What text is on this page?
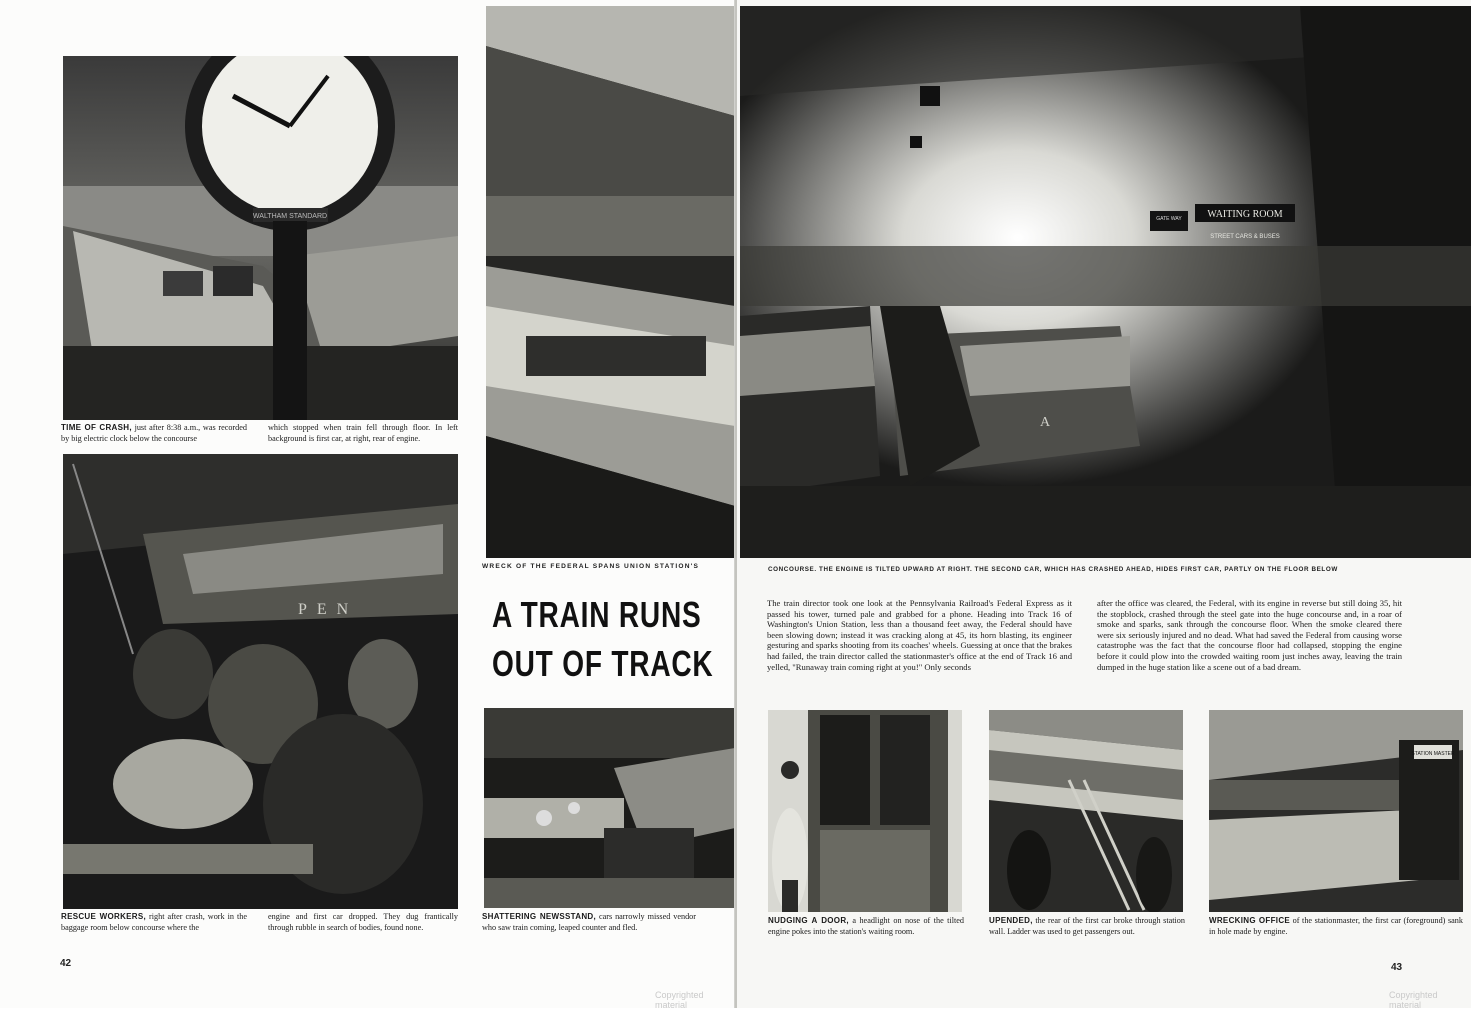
WALTHAM STANDARD
TIME OF CRASH, just after 8:38 a.m., was recorded by big electric clock below the concourse
which stopped when train fell through floor. In left background is first car, at right, rear of engine.
PEN
RESCUE WORKERS, right after crash, work in the baggage room below concourse where the
engine and first car dropped. They dug frantically through rubble in search of bodies, found none.
WRECK OF THE FEDERAL SPANS UNION STATION'S
A TRAIN RUNS
OUT OF TRACK
SHATTERING NEWSSTAND, cars narrowly missed vendor who saw train coming, leaped counter and fled.
42
Copyrighted material
WAITING ROOM
STREET CARS & BUSES
GATE WAY
A
CONCOURSE. THE ENGINE IS TILTED UPWARD AT RIGHT. THE SECOND CAR, WHICH HAS CRASHED AHEAD, HIDES FIRST CAR, PARTLY ON THE FLOOR BELOW
The train director took one look at the Pennsylvania Railroad's Federal Express as it passed his tower, turned pale and grabbed for a phone. Heading into Track 16 of Washington's Union Station, less than a thousand feet away, the Federal should have been slowing down; instead it was cracking along at 45, its horn blasting, its engineer gesturing and sparks shooting from its coaches' wheels. Guessing at once that the brakes had failed, the train director called the stationmaster's office at the end of Track 16 and yelled, "Runaway train coming right at you!" Only seconds
after the office was cleared, the Federal, with its engine in reverse but still doing 35, hit the stopblock, crashed through the steel gate into the huge concourse and, in a roar of smoke and sparks, sank through the concourse floor. When the smoke cleared there were six seriously injured and no dead. What had saved the Federal from causing worse catastrophe was the fact that the concourse floor had collapsed, stopping the engine before it could plow into the crowded waiting room just inches away, leaving the train dumped in the huge station like a scene out of a bad dream.
NUDGING A DOOR, a headlight on nose of the tilted engine pokes into the station's waiting room.
UPENDED, the rear of the first car broke through station wall. Ladder was used to get passengers out.
STATION MASTER
WRECKING OFFICE of the stationmaster, the first car (foreground) sank in hole made by engine.
43
Copyrighted material
